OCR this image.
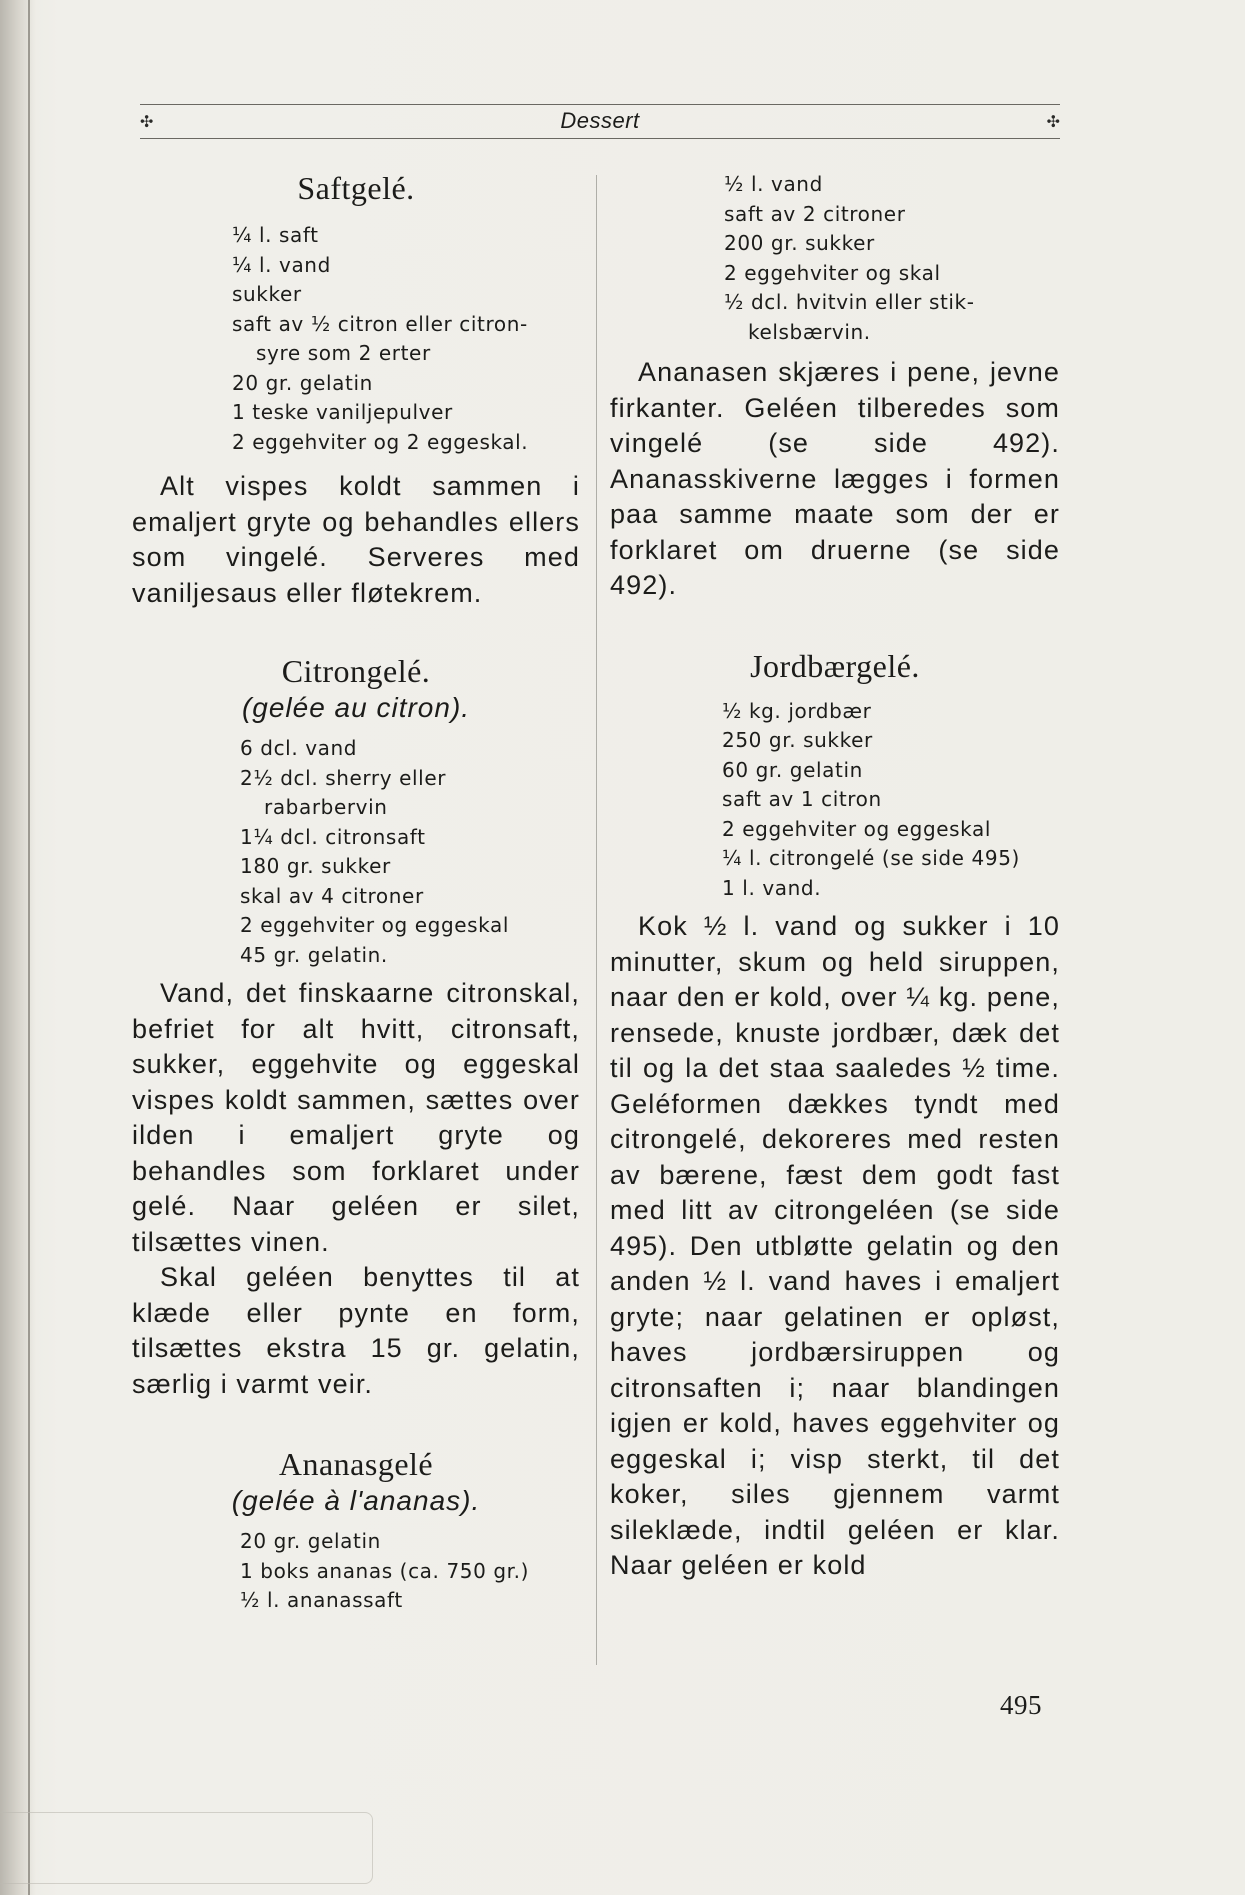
✣	Dessert	✣
Saftgelé.
¼ l. saft
¼ l. vand
sukker
saft av ½ citron eller citron-
syre som 2 erter
20 gr. gelatin
1 teske vaniljepulver
2 eggehviter og 2 eggeskal.
Alt vispes koldt sammen i emaljert gryte og behandles ellers som vingelé. Serveres med vaniljesaus eller fløtekrem.
Citrongelé.
(gelée au citron).
6 dcl. vand
2½ dcl. sherry eller
rabarbervin
1¼ dcl. citronsaft
180 gr. sukker
skal av 4 citroner
2 eggehviter og eggeskal
45 gr. gelatin.
Vand, det finskaarne citronskal, befriet for alt hvitt, citronsaft, sukker, eggehvite og eggeskal vispes koldt sammen, sættes over ilden i emaljert gryte og behandles som forklaret under gelé. Naar geléen er silet, tilsættes vinen.
Skal geléen benyttes til at klæde eller pynte en form, tilsættes ekstra 15 gr. gelatin, særlig i varmt veir.
Ananasgelé
(gelée à l'ananas).
20 gr. gelatin
1 boks ananas (ca. 750 gr.)
½ l. ananassaft
½ l. vand
saft av 2 citroner
200 gr. sukker
2 eggehviter og skal
½ dcl. hvitvin eller stik-
kelsbærvin.
Ananasen skjæres i pene, jevne firkanter. Geléen tilberedes som vingelé (se side 492). Ananasskiverne lægges i formen paa samme maate som der er forklaret om druerne (se side 492).
Jordbærgelé.
½ kg. jordbær
250 gr. sukker
60 gr. gelatin
saft av 1 citron
2 eggehviter og eggeskal
¼ l. citrongelé (se side 495)
1 l. vand.
Kok ½ l. vand og sukker i 10 minutter, skum og held siruppen, naar den er kold, over ¼ kg. pene, rensede, knuste jordbær, dæk det til og la det staa saaledes ½ time. Geléformen dækkes tyndt med citrongelé, dekoreres med resten av bærene, fæst dem godt fast med litt av citrongeléen (se side 495). Den utbløtte gelatin og den anden ½ l. vand haves i emaljert gryte; naar gelatinen er opløst, haves jordbærsiruppen og citronsaften i; naar blandingen igjen er kold, haves eggehviter og eggeskal i; visp sterkt, til det koker, siles gjennem varmt sileklæde, indtil geléen er klar. Naar geléen er kold
495
